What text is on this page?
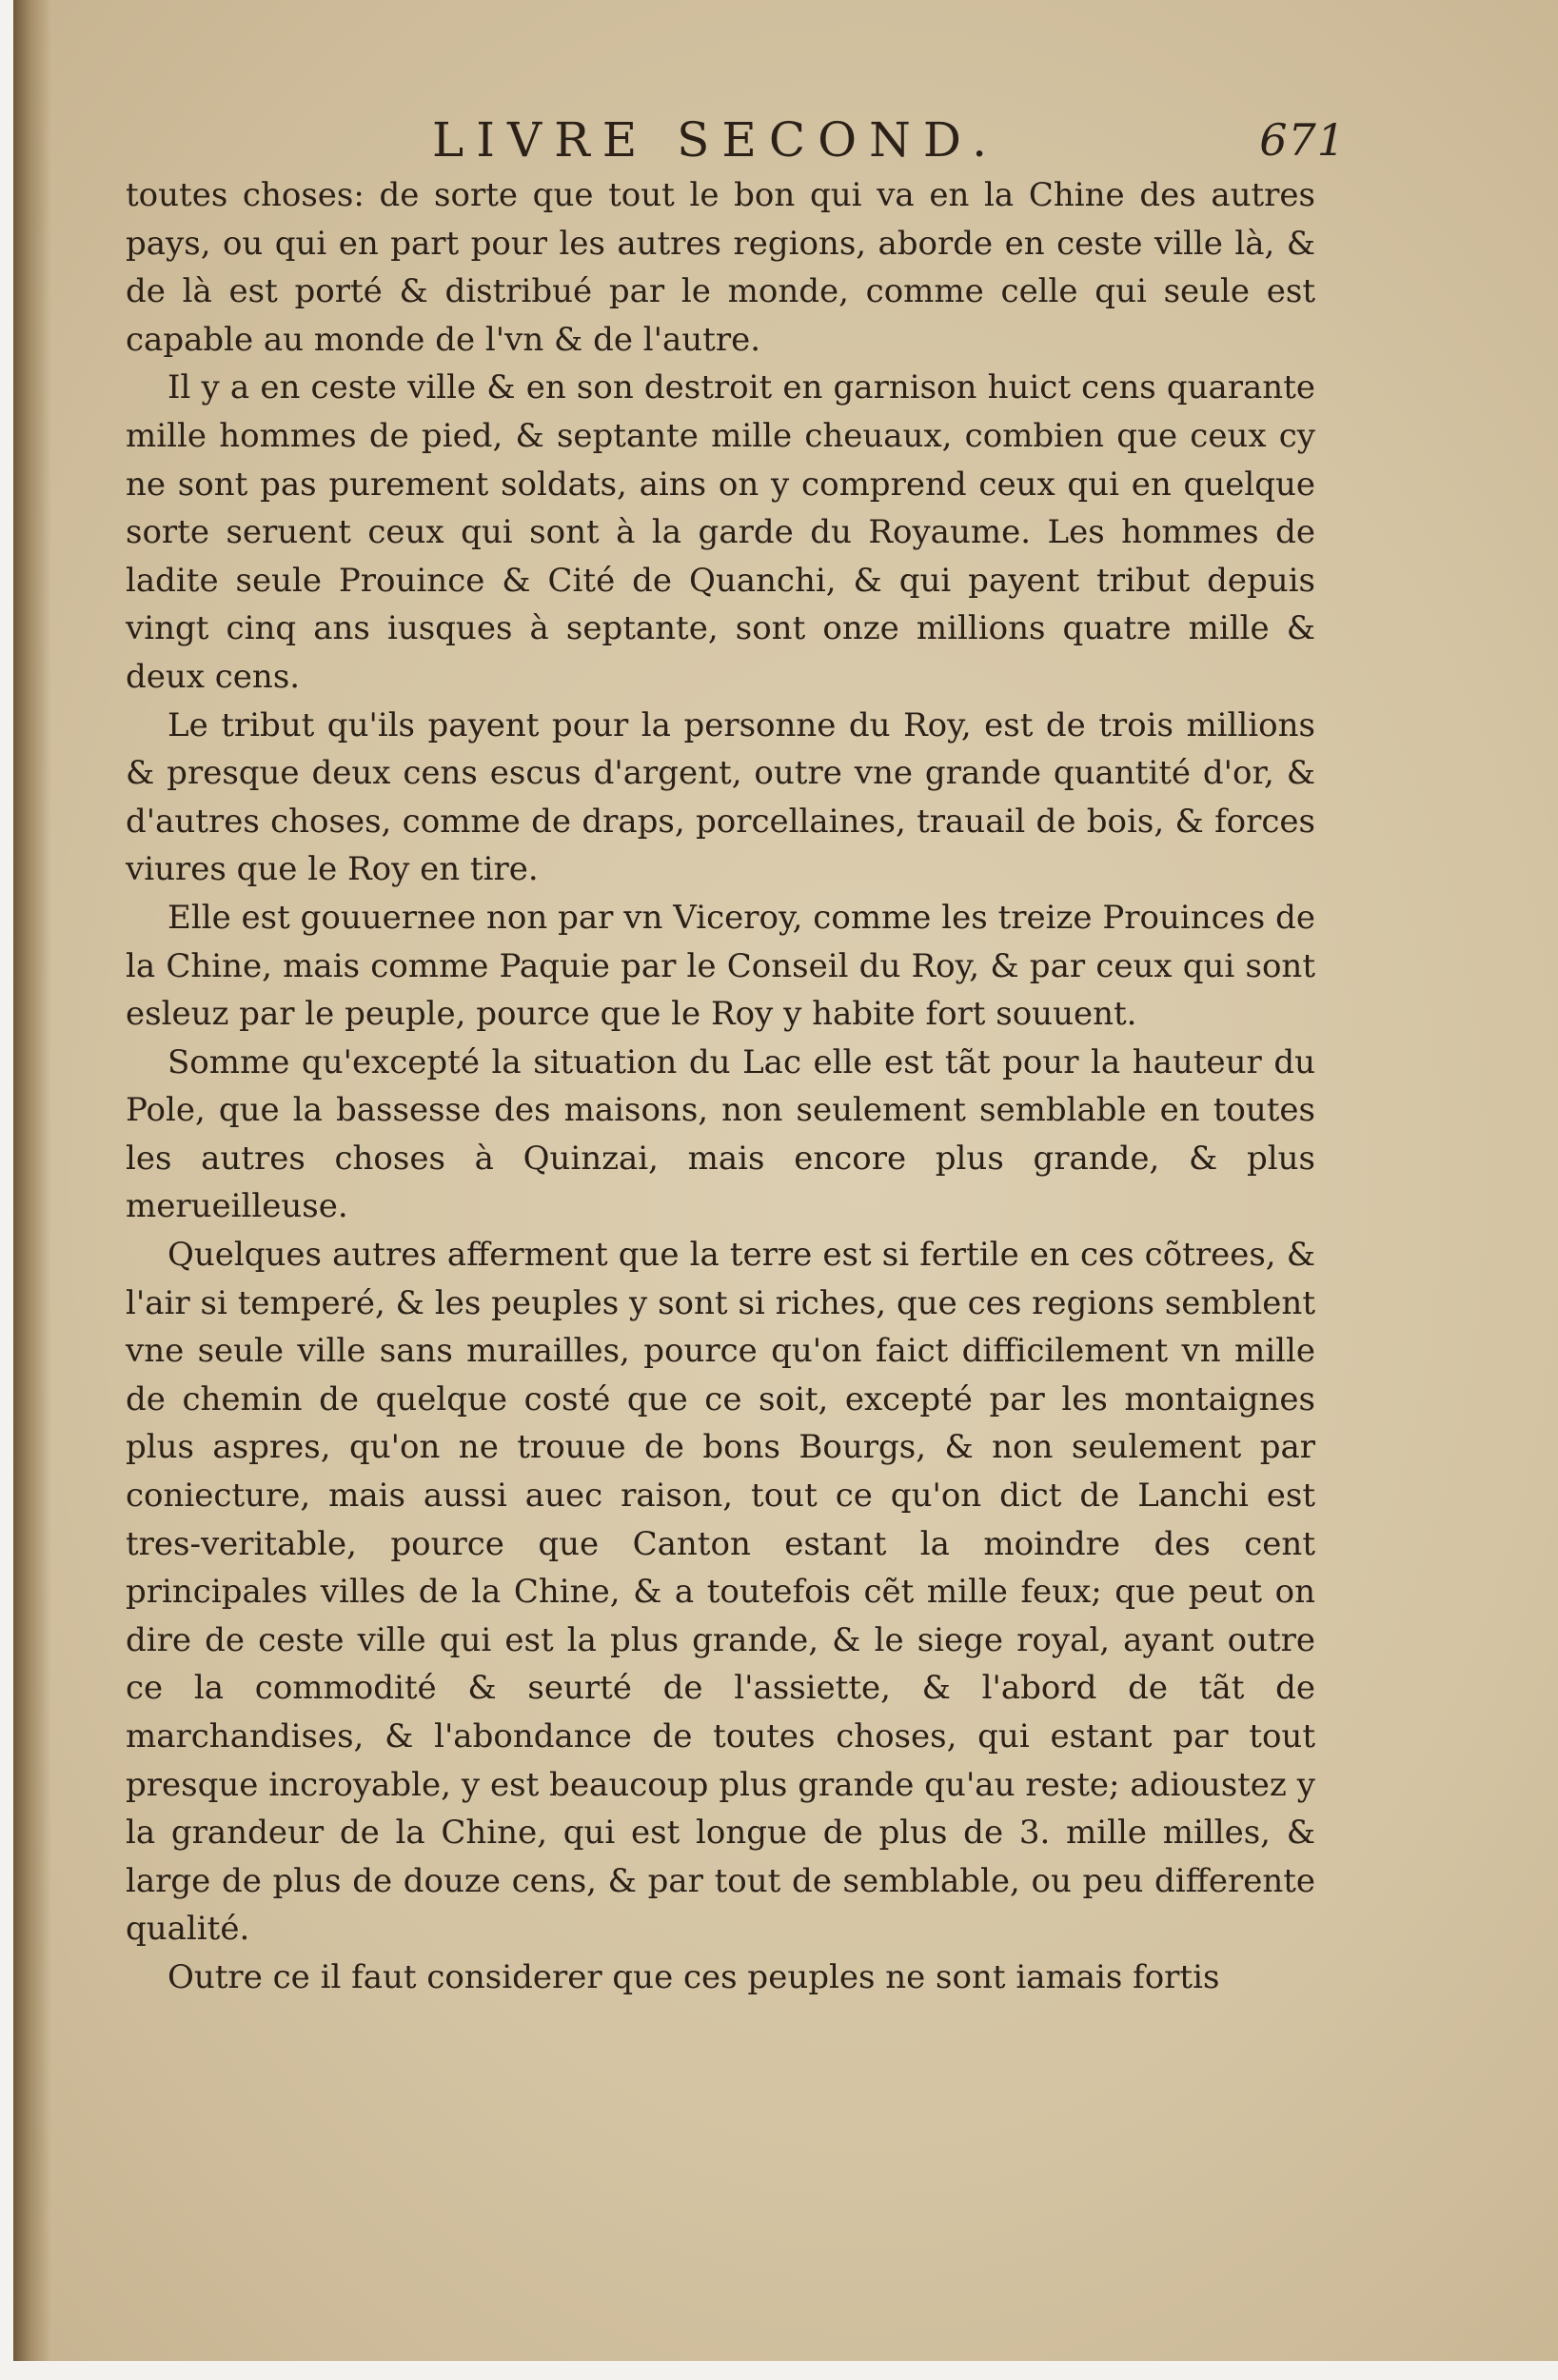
LIVRE SECOND.	671

toutes choses: de sorte que tout le bon qui va en la Chine des autres pays, ou qui en part pour les autres regions, aborde en ceste ville là, & de là est porté & distribué par le monde, comme celle qui seule est capable au monde de l'vn & de l'autre.

Il y a en ceste ville & en son destroit en garnison huict cens quarante mille hommes de pied, & septante mille cheuaux, combien que ceux cy ne sont pas purement soldats, ains on y comprend ceux qui en quelque sorte seruent ceux qui sont à la garde du Royaume. Les hommes de ladite seule Prouince & Cité de Quanchi, & qui payent tribut depuis vingt cinq ans iusques à septante, sont onze millions quatre mille & deux cens.

Le tribut qu'ils payent pour la personne du Roy, est de trois millions & presque deux cens escus d'argent, outre vne grande quantité d'or, & d'autres choses, comme de draps, porcellaines, trauail de bois, & forces viures que le Roy en tire.

Elle est gouuernee non par vn Viceroy, comme les treize Prouinces de la Chine, mais comme Paquie par le Conseil du Roy, & par ceux qui sont esleuz par le peuple, pource que le Roy y habite fort souuent.

Somme qu'excepté la situation du Lac elle est tãt pour la hauteur du Pole, que la bassesse des maisons, non seulement semblable en toutes les autres choses à Quinzai, mais encore plus grande, & plus merueilleuse.

Quelques autres afferment que la terre est si fertile en ces cõtrees, & l'air si temperé, & les peuples y sont si riches, que ces regions semblent vne seule ville sans murailles, pource qu'on faict difficilement vn mille de chemin de quelque costé que ce soit, excepté par les montaignes plus aspres, qu'on ne trouue de bons Bourgs, & non seulement par coniecture, mais aussi auec raison, tout ce qu'on dict de Lanchi est tres-veritable, pource que Canton estant la moindre des cent principales villes de la Chine, & a toutefois cẽt mille feux; que peut on dire de ceste ville qui est la plus grande, & le siege royal, ayant outre ce la commodité & seurté de l'assiette, & l'abord de tãt de marchandises, & l'abondance de toutes choses, qui estant par tout presque incroyable, y est beaucoup plus grande qu'au reste; adioustez y la grandeur de la Chine, qui est longue de plus de 3. mille milles, & large de plus de douze cens, & par tout de semblable, ou peu differente qualité.

Outre ce il faut considerer que ces peuples ne sont iamais fortis
